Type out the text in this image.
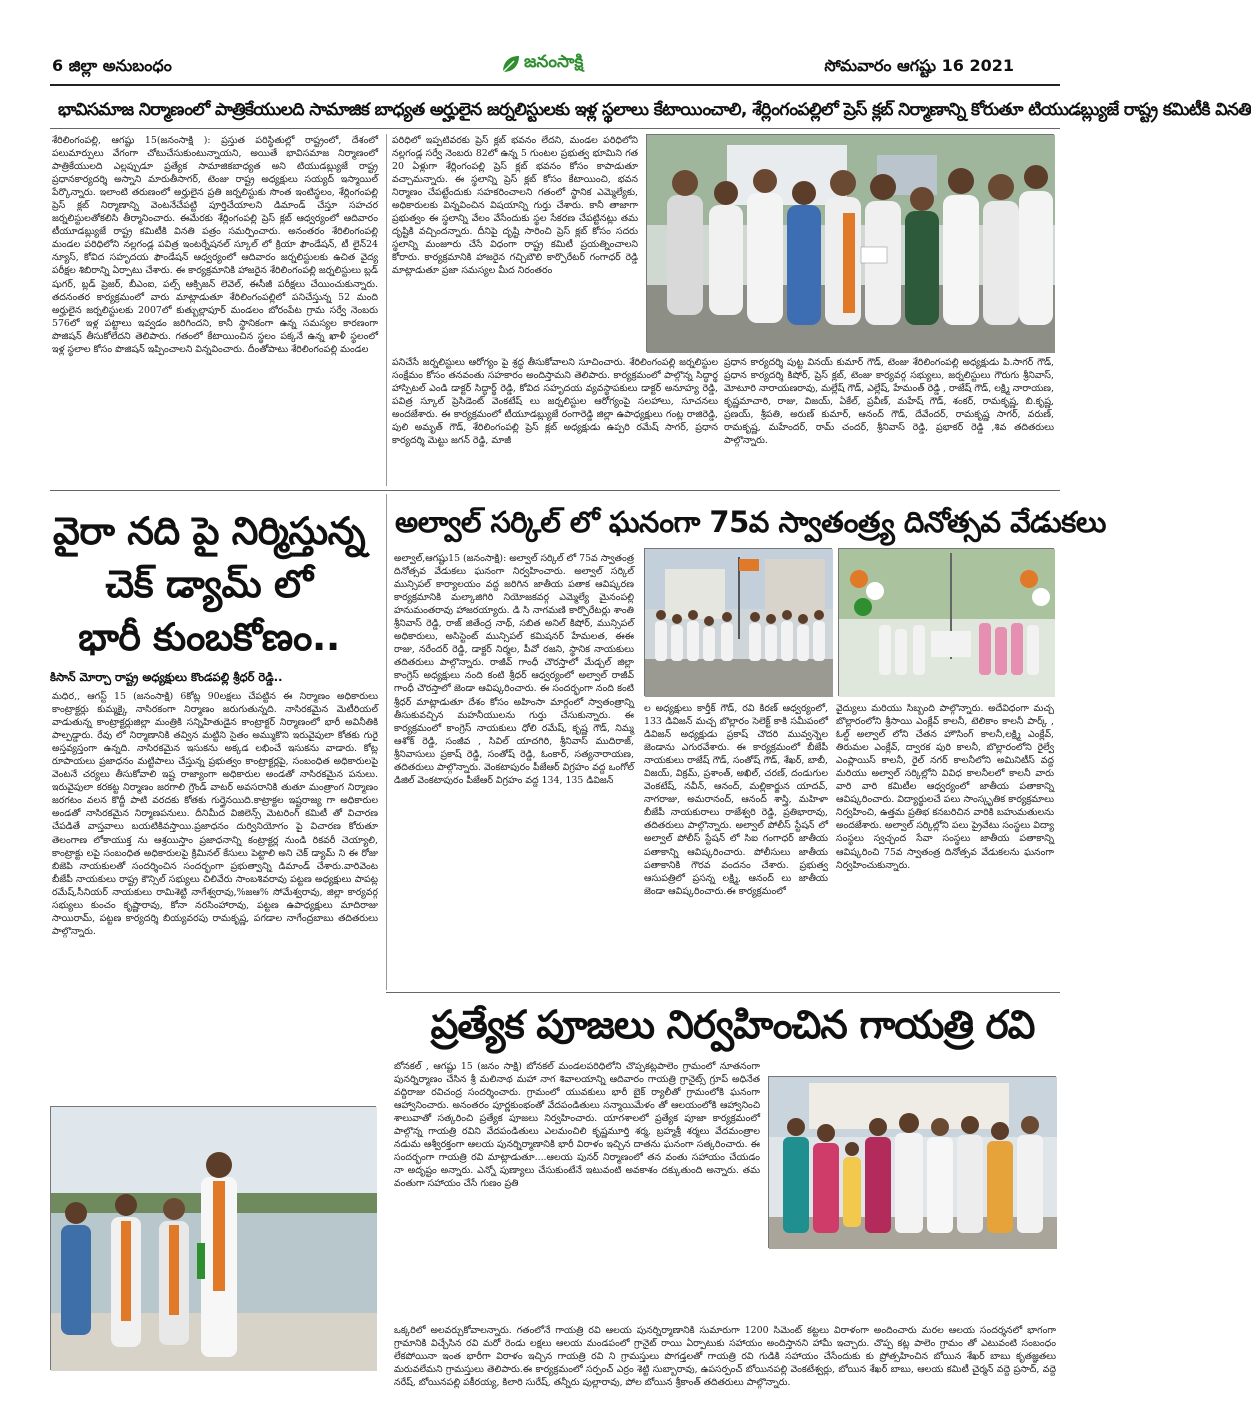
6 జిల్లా అనుబంధం	జనంసాక్షి	సోమవారం ఆగష్టు 16 2021
భావిసమాజ నిర్మాణంలో పాత్రికేయులది సామాజిక బాధ్యత అర్హులైన జర్నలిస్టులకు ఇళ్ల స్థలాలు కేటాయించాలి, శేర్లింగంపల్లిలో ప్రెస్ క్లబ్ నిర్మాణాన్ని కోరుతూ టియుడబ్ల్యుజే రాష్ట్ర కమిటీకి వినతి
శేరిలింగంపల్లి, ఆగష్టు 15(జనంసాక్షి ): ప్రస్తుత పరిస్థితుల్లో రాష్ట్రంలో, దేశంలో పలుమార్పులు వేగంగా చోటుచేసుకుంటున్నాయని, అయితే భావిసమాజ నిర్మాణంలో పాత్రికేయులది ఎల్లప్పుడూ ప్రత్యేక సామాజికబాధ్యత అని టియుడబ్ల్యుజే రాష్ట్ర ప్రధానకార్యదర్శి అస్నాని మారుతీసాగర్, టెంజు రాష్ట్ర అధ్యక్షులు సయ్యద్ ఇస్మాయిల్ పేర్కొన్నారు. ఇలాంటి తరుణంలో అర్హులైన ప్రతి జర్నలిస్టుకు సొంత ఇంటిస్థలం, శేర్లింగంపల్లి ప్రెస్ క్లబ్ నిర్మాణాన్ని వెంటనేచేపట్టి పూర్తిచేయాలని డిమాండ్ చేస్తూ సహచర జర్నలిస్టులతోకలిసి తీర్మానించారు. ఈమేరకు శేర్లింగంపల్లి ప్రెస్ క్లబ్ ఆధ్వర్యంలో ఆదివారం టీయూడబ్ల్యుజే రాష్ట్ర కమిటీకి వినతి పత్రం సమర్పించారు. అనంతరం శేరిలింగంపల్లి మండల పరిధిలోని నల్లగండ్ల పవిత్ర ఇంటర్నేషనల్ స్కూల్ లో క్రియా ఫౌండేషన్, టీ లైన్24 న్యూస్, కోవిద సహృదయ ఫౌండేషన్ ఆధ్వర్యంలో ఆదివారం జర్నలిస్టులకు ఉచిత వైద్య పరీక్షల శిబిరాన్ని ఏర్పాటు చేశారు. ఈ కార్యక్రమానికి హాజరైన శేరిలింగంపల్లి జర్నలిస్టులు బ్లడ్ షుగర్, బ్లడ్ ప్రెజర్, బీఎంఐ, పల్స్ ఆక్సిజన్ లెవెల్, ఈసీజీ పరీక్షలు చేయించుకున్నారు. తదనంతర కార్యక్రమంలో వారు మాట్లాడుతూ శేరిలింగంపల్లిలో పనిచేస్తున్న 52 మంది అర్హులైన జర్నలిస్టులకు 2007లో కుత్బుల్లాపూర్ మండలం బోరంపేట గ్రామ సర్వే నెంబరు 576లో ఇళ్ల పట్టాలు ఇవ్వడం జరిగిందని, కానీ స్థానికంగా ఉన్న సమస్యల కారణంగా పొజిషన్ తీసుకోలేదని తెలిపారు. గతంలో కేటాయించిన స్థలం పక్కనే ఉన్న ఖాళీ స్థలంలో ఇళ్ల స్థలాల కోసం పొజిషన్ ఇప్పించాలని విన్నవించారు. దీంతోపాటు శేరిలింగంపల్లి మండల
పరిధిలో ఇప్పటివరకు ప్రెస్ క్లబ్ భవనం లేదని, మండల పరిధిలోని నల్లగండ్ల సర్వే నెంబరు 82లో ఉన్న 5 గుంటల ప్రభుత్వ భూమిని గత 20 ఏళ్లుగా శేర్లింగంపల్లి ప్రెస్ క్లబ్ భవనం కోసం కాపాడుతూ వచ్చామన్నారు. ఈ స్థలాన్ని ప్రెస్ క్లబ్ కోసం కేటాయించి, భవన నిర్మాణం చేపట్టేందుకు సహకరించాలని గతంలో స్థానిక ఎమ్మెల్యేకు, అధికారులకు విన్నవించిన విషయాన్ని గుర్తు చేశారు. కానీ తాజాగా ప్రభుత్వం ఈ స్థలాన్ని వేలం వేసేందుకు స్థల సేకరణ చేపట్టినట్లు తమ దృష్టికి వచ్చిందన్నారు. దీనిపై దృష్టి సారించి ప్రెస్ క్లబ్ కోసం సదరు స్థలాన్ని మంజూరు చేసే విధంగా రాష్ట్ర కమిటీ ప్రయత్నించాలని కోరారు. కార్యక్రమానికి హాజరైన గచ్చిబౌలి కార్పొరేటర్ గంగాధర్ రెడ్డి మాట్లాడుతూ ప్రజా సమస్యల మీద నిరంతరం
పనిచేసే జర్నలిస్టులు ఆరోగ్యం పై శ్రద్ధ తీసుకోవాలని సూచించారు. శేరిలింగంపల్లి జర్నలిస్టుల సంక్షేమం కోసం తనవంతు సహకారం అందిస్తామని తెలిపారు. కార్యక్రమంలో పాల్గొన్న సిద్ధార్థ హాస్పిటల్ ఎండి డాక్టర్ సిద్ధార్థ్ రెడ్డి, కోవిద సహృదయ వ్యవస్థాపకులు డాక్టర్ అనూహ్య రెడ్డి, పవిత్ర స్కూల్ ప్రెసిడెంట్ వెంకటేష్ లు జర్నలిస్టుల ఆరోగ్యంపై సలహాలు, సూచనలు అందజేశారు. ఈ కార్యక్రమంలో టీయూడబ్ల్యుజే రంగారెడ్డి జిల్లా ఉపాధ్యక్షులు గంట్ల రాజిరెడ్డి, పులి అమృత్ గౌడ్, శేరిలింగంపల్లి ప్రెస్ క్లబ్ అధ్యక్షుడు ఉప్పరి రమేష్ సాగర్, ప్రధాన కార్యదర్శి మెట్టు జగన్ రెడ్డి, మాజీ
ప్రధాన కార్యదర్శి పుట్ట వినయ్ కుమార్ గౌడ్, టెంజు శేరిలింగంపల్లి అధ్యక్షుడు పి.సాగర్ గౌడ్, ప్రధాన కార్యదర్శి కిషోర్, ప్రెస్ క్లబ్, టెంజు కార్యవర్గ సభ్యులు, జర్నలిస్టులు గౌరుగు శ్రీనివాస్, మోటూరి నారాయణరావు, మల్లేష్ గౌడ్, ఎల్లేష్, హేమంత్ రెడ్డి , రాజేష్ గౌడ్, లక్ష్మి నారాయణ, కృష్ణమాచారి, రాజు, విజయ్, ఏకేల్, ప్రవీణ్, మహేష్ గౌడ్, శంకర్, రామకృష్ణ, బి.కృష్ణ, ప్రణయ్, శ్రీపతి, అరుణ్ కుమార్, ఆనంద్ గౌడ్, దేవేందర్, రామకృష్ణ సాగర్, వరుణ్, రామకృష్ణ, మహేందర్, రామ్ చందర్, శ్రీనివాస్ రెడ్డి, ప్రభాకర్ రెడ్డి ,శివ తదితరులు పాల్గొన్నారు.
అల్వాల్ సర్కిల్ లో ఘనంగా 75వ స్వాతంత్ర్య దినోత్సవ వేడుకలు
అల్వాల్,ఆగష్టు15 (జనంసాక్షి): అల్వాల్ సర్కిల్ లో 75వ స్వాతంత్ర దినోత్సవ వేడుకలు ఘనంగా నిర్వహించారు. అల్వాల్ సర్కిల్ మున్సిపల్ కార్యాలయం వద్ద జరిగిన జాతీయ పతాక ఆవిష్కరణ కార్యక్రమానికి మల్కాజిగిరి నియోజకవర్గ ఎమ్మెల్యే మైనంపల్లి హనుమంతరావు హాజరయ్యారు. డి సి నాగమణి కార్పొరేటర్లు శాంతి శ్రీనివాస్ రెడ్డి, రాజ్ జితేంద్ర నాథ్, సబిత అనిల్ కిషోర్, మున్సిపల్ అధికారులు, అసిస్టెంట్ మున్సిపల్ కమిషనర్ హేమలత, ఈఈ రాజు, నరేందర్ రెడ్డి, డాక్టర్ నిర్మల, పీవో రజని, స్థానిక నాయకులు తదితరులు పాల్గొన్నారు. రాజీవ్ గాంధీ చౌరస్తాలో మేడ్చల్ జిల్లా కాంగ్రెస్ అధ్యక్షులు నంది కంటి శ్రీధర్ ఆధ్వర్యంలో అల్వాల్ రాజీవ్ గాంధీ చౌరస్తాలో జెండా ఆవిష్కరించారు. ఈ సందర్భంగా నంది కంటి శ్రీధర్ మాట్లాడుతూ దేశం కోసం అహింసా మార్గంలో స్వాతంత్రాన్ని తీసుకువచ్చిన మహనీయులను గుర్తు చేసుకున్నారు. ఈ కార్యక్రమంలో కాంగ్రెస్ నాయకులు ధోలి రమేష్, కృష్ణ గౌడ్, నిమ్మ ఆశోక్ రెడ్డి, సంజీవ , సివిల్ యాదగిరి, శ్రీనివాస్ ముదిరాజ్, శ్రీనివాసులు ప్రకాష్ రెడ్డి, సంతోష్ రెడ్డి, ఓంకార్, సత్యనారాయణ, తదితరులు పాల్గొన్నారు. వెంకటాపురం పీజేఆర్ విగ్రహం వద్ద ఒంగోల్ డిజిల్ వెంకటాపురం పీజేఆర్ విగ్రహం వద్ద 134, 135 డివిజన్
ల అధ్యక్షులు కార్తీక్ గౌడ్, రవి కిరణ్ ఆధ్వర్యంలో, 133 డివిజన్ మచ్చ బొల్లారం సెలెక్ట్ కాకి సమీపంలో డివిజన్ అధ్యక్షుడు ప్రకాష్ చౌదరి మువ్వన్నెల జెండాను ఎగురవేశారు. ఈ కార్యక్రమంలో బీజేపీ నాయకులు రాజేష్ గౌడ్, సంతోష్ గౌడ్, శేఖర్, బాబీ, విజయ్, విక్రమ్, ప్రశాంత్, అఖిల్, చరణ్, దండుగుల వెంకటేష్, నవీన్, ఆనంద్, మల్లికార్జున యాదవ్, నాగరాజు, అమరానంద్, ఆనంద్ శాస్త్రి, మహిళా బీజేపీ నాయకురాలు రాజేశ్వరి రెడ్డి, ప్రతిభారావు, తదితరులు పాల్గొన్నారు. అల్వాల్ పోలీస్ స్టేషన్ లో అల్వాల్ పోలీస్ స్టేషన్ లో సిఐ గంగాధర్ జాతీయ పతాకాన్ని ఆవిష్కరించారు. పోలీసులు జాతీయ పతాకానికి గౌరవ వందనం చేశారు. ప్రభుత్వ ఆసుపత్రిలో ప్రసన్న లక్ష్మి, ఆనంద్ లు జాతీయ జెండా ఆవిష్కరించారు.ఈ కార్యక్రమంలో
వైద్యులు మరియు సిబ్బంది పాల్గొన్నారు. అదేవిధంగా మచ్చ బొల్లారంలోని శ్రీసాయి ఎంక్లేవ్ కాలనీ, టెలికాం కాలనీ పార్క్ , ఓల్డ్ అల్వాల్ లోని చేతన హౌసింగ్ కాలనీ,లక్ష్మి ఎంక్లేవ్, తిరుమల ఎంక్లేవ్, ద్వారక పురి కాలనీ, బొల్లారంలోని రైల్వే ఎంప్లాయిస్ కాలనీ, రైల్ నగర్ కాలనీలోని అమినిటీస్ వద్ద మరియు అల్వాల్ సర్కిల్లోని వివిధ కాలనీలలో కాలనీ వారు వారి వారి కమిటీల ఆధ్వర్యంలో జాతీయ పతాకాన్ని ఆవిష్కరించారు. విద్యార్థులచే పలు సాంస్కృతిక కార్యక్రమాలు నిర్వహించి, ఉత్తమ ప్రతిభ కనబరిచిన వారికి బహుమతులను అందజేశారు. అల్వాల్ సర్కిల్లోని పలు ప్రైవేటు సంస్థలు విద్యా సంస్థలు స్వచ్ఛంద సేవా సంస్థలు జాతీయ పతాకాన్ని ఆవిష్కరించి 75వ స్వాతంత్ర దినోత్సవ వేడుకలను ఘనంగా నిర్వహించుకున్నారు.
వైరా నది పై నిర్మిస్తున్న
చెక్ డ్యామ్ లో
భారీ కుంబకోణం..
కిసాన్ మోర్చా రాష్ట్ర అధ్యక్షులు కొండపల్లి శ్రీధర్ రెడ్డి..
మధిర,, ఆగస్ట్ 15 (జనంసాక్షి) 6కోట్ల 90లక్షలు చేపట్టిన ఈ నిర్మాణం అధికారులు కాంట్రాక్టర్లు కుమ్మక్కై నాసిరకంగా నిర్మాణం జరుగుతున్నది. నాసిరకమైన మెటీరియల్ వాడుతున్న కాంట్రాక్టర్లుజిల్లా మంత్రికి సన్నిహితుడైన కాంట్రాక్టర్ నిర్మాణంలో భారీ అవినీతికి పాల్పడ్డారు. రేవు లో నిర్మాణానికి తవ్విన మట్టిని సైతం అమ్ముకొని ఇరువైపులా కోతకు గురై అస్తవ్యస్తంగా ఉన్నది. నాసిరకమైన ఇసుకను అక్కడ లభించే ఇసుకను వాడారు. కోట్ల రూపాయలు ప్రజాధనం మట్టిపాలు చేస్తున్న ప్రభుత్వం కాంట్రాక్టర్లపై, సంబంధిత అధికారులపై వెంటనే చర్యలు తీసుకోవాలి ఇష్ట రాజ్యాంగా అధికారుల అండతో నాసిరకమైన పనులు. ఇరువైపులా కరకట్ట నిర్మాణం జరగాలి గ్రౌండ్ వాటర్ అవసరానికి తుతూ మంత్రాంగ నిర్మాణం జరగటం వలన కొద్దీ పాటి వరదకు కోతకు గుర్తైనయిది.కాట్రాక్టల ఇష్టరాజ్య గా అధికారుల అండతో నాసిరకమైన నిర్మాణపనులు. దీనిమీద విజిలెన్స్ మెటరింగ్ కమిటీ తో విచారణ చేపడితే వాస్తవాలు బయటికివస్తాయి.ప్రజాధనం దుర్వినియోగం పై విచారణ కోరుతూ తెలంగాణ లోకాయుక్త ను ఆశ్రయిస్తాం ప్రజాధనాన్ని కంట్రాక్టర్ల నుండి రికవరీ చెయ్యాలి, కాంట్రాక్టు లపై సంబంధిత అధికారులపై క్రిమినల్ కేసులు పెట్టాలి అని చెక్ డ్యామ్ ని ఈ రోజు బిజెపి నాయకులతో సందర్శించిన సందర్భంగా ప్రభుత్వాన్ని డిమాండ్ చేశారు.వారివెంట బీజేపీ నాయకులు రాష్ట్ర కౌన్సిల్ సభ్యులు చిలివేరు సాంబశివరావు పట్టణ అధ్యక్షులు పాపట్ల రమేష్,సీనియర్ నాయకులు రామిశెట్టి నాగేశ్వరావు,%జఆ% సోమేశ్వరావు, జిల్లా కార్యవర్గ సభ్యులు కుంచం కృష్ణారావు, కోనా నరసింహారావు, పట్టణ ఉపాధ్యక్షులు మాదిరాజు సాయిరామ్, పట్టణ కార్యదర్శి బియ్యవరపు రామకృష్ణ, పగడాల నాగేంద్రబాబు తదితరులు పాల్గొన్నారు.
ప్రత్యేక పూజలు నిర్వహించిన గాయత్రి రవి
బోనకల్ , ఆగష్టు 15 (జనం సాక్షి) బోనకల్ మండలపరిధిలోని చొప్పకట్లపాలెం గ్రామంలో నూతనంగా పునర్నిర్మాణం చేసిన శ్రీ మలినాథ మహా నాగ శివాలయాన్ని ఆదివారం గాయత్రి గ్రానైట్స్ గ్రూప్ అధినేత వద్దిరాజు రవిచంద్ర సందర్శించారు. గ్రామంలో యువకులు భారీ బైక్ ర్యాలీతో గ్రామంలోకి ఘనంగా ఆహ్వానించారు. అనంతరం పూర్ణకుంభంతో వేదపండితులు సన్మాయిమేళం తో ఆలయంలోకి ఆహ్వానించి శాలువాతో సత్కరించి ప్రత్యేక పూజలు నిర్వహించారు. యాగశాలలో ప్రత్యేక పూజా కార్యక్రమంలో పాల్గొన్న గాయత్రి రవిని వేదపండితులు ఎలమంచిలి కృష్ణమూర్తి శర్మ, బ్రహ్మశ్రీ శర్మలు వేదమంత్రాల నడుమ ఆశ్వీరక్తంగా ఆలయ పునర్నిర్మాణానికి భారీ విరాళం ఇచ్చిన దాతను ఘనంగా సత్కరించారు. ఈ సందర్భంగా గాయత్రి రవి మాట్లాడుతూ....ఆలయ పునర్ నిర్మాణంలో తన వంతు సహాయం చేయడం నా అదృష్టం అన్నారు. ఎన్నో పుణ్యాలు చేసుకుంటేనే ఇటువంటి అవకాశం దక్కుతుంది అన్నారు. తమ వంతుగా సహాయం చేసే గుణం ప్రతి
ఒక్కరిలో అలవర్చుకోవాలన్నారు. గతంలోనే గాయత్రి రవి ఆలయ పునర్నిర్మాణానికి సుమారుగా 1200 సిమెంట్ కట్టలు విరాళంగా అందించారు మరల ఆలయ సందర్శనలో భాగంగా గ్రామానికి విచ్చేసిన రవి మరో రెండు లక్షలు ఆలయ మండపంలో గ్రానైట్ రాయి ఏర్పాటుకు సహాయం అందిస్తానని హామీ ఇచ్చారు. చొప్ప కట్ల పాలెం గ్రామం తో ఎటువంటి సంబంధం లేకపోయినా ఇంత భారీగా విరాళం ఇచ్చిన గాయత్రి రవి ని గ్రామస్తులు పొగడ్తలతో గాయత్రి రవి గుడికి సహాయం చేసేందుకు కు ప్రోత్సహించిన బోయిన శేఖర్ బాబు కృతజ్ఞతలు మరువలేమని గ్రామస్తులు తెలిపారు.ఈ కార్యక్రమంలో సర్పంచ్ ఎర్రం శెట్టి సుబ్బారావు, ఉపసర్పంచ్ బోయినపల్లి వెంకటేశ్వర్లు, బోయిన శేఖర్ బాబు, ఆలయ కమిటీ చైర్మన్ వద్దె ప్రసాద్, వద్దె నరేష్, బోయినపల్లి పకీరయ్య, కిలారి సురేష్, తన్నీరు పుల్లారావు, పోల బోయిన శ్రీకాంత్ తదితరులు పాల్గొన్నారు.
